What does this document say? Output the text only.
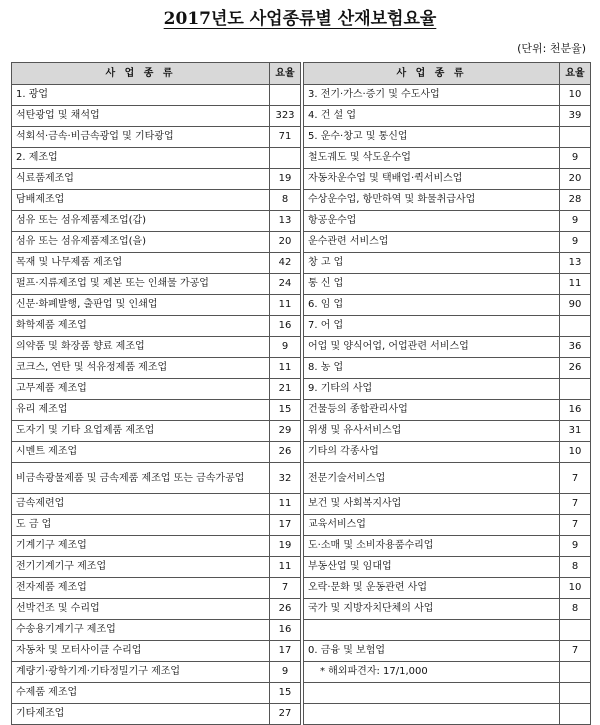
2017년도 사업종류별 산재보험요율
(단위: 천분율)
사 업 종 류	요율		사 업 종 류	요율
1. 광업			3. 전기·가스·증기 및 수도사업	10
석탄광업 및 채석업	323		4. 건 설 업	39
석회석·금속·비금속광업 및 기타광업	71		5. 운수·창고 및 통신업	
2. 제조업			철도궤도 및 삭도운수업	9
식료품제조업	19		자동차운수업 및 택배업·퀵서비스업	20
담배제조업	8		수상운수업, 항만하역 및 화물취급사업	28
섬유 또는 섬유제품제조업(갑)	13		항공운수업	9
섬유 또는 섬유제품제조업(을)	20		운수관련 서비스업	9
목재 및 나무제품 제조업	42		창 고 업	13
펄프·지류제조업 및 제본 또는 인쇄물 가공업	24		통 신 업	11
신문·화폐발행, 출판업 및 인쇄업	11		6. 임 업	90
화학제품 제조업	16		7. 어 업	
의약품 및 화장품 향료 제조업	9		어업 및 양식어업, 어업관련 서비스업	36
코크스, 연탄 및 석유정제품 제조업	11		8. 농 업	26
고무제품 제조업	21		9. 기타의 사업	
유리 제조업	15		건물등의 종합관리사업	16
도자기 및 기타 요업제품 제조업	29		위생 및 유사서비스업	31
시멘트 제조업	26		기타의 각종사업	10
비금속광물제품 및 금속제품 제조업 또는 금속가공업	32		전문기술서비스업	7
금속제련업	11		보건 및 사회복지사업	7
도 금 업	17		교육서비스업	7
기계기구 제조업	19		도·소매 및 소비자용품수리업	9
전기기계기구 제조업	11		부동산업 및 임대업	8
전자제품 제조업	7		오락·문화 및 운동관련 사업	10
선박건조 및 수리업	26		국가 및 지방자치단체의 사업	8
수송용기계기구 제조업	16			
자동차 및 모터사이클 수리업	17		0. 금융 및 보험업	7
계량기·광학기계·기타정밀기구 제조업	9		* 해외파견자: 17/1,000	
수제품 제조업	15			
기타제조업	27			
